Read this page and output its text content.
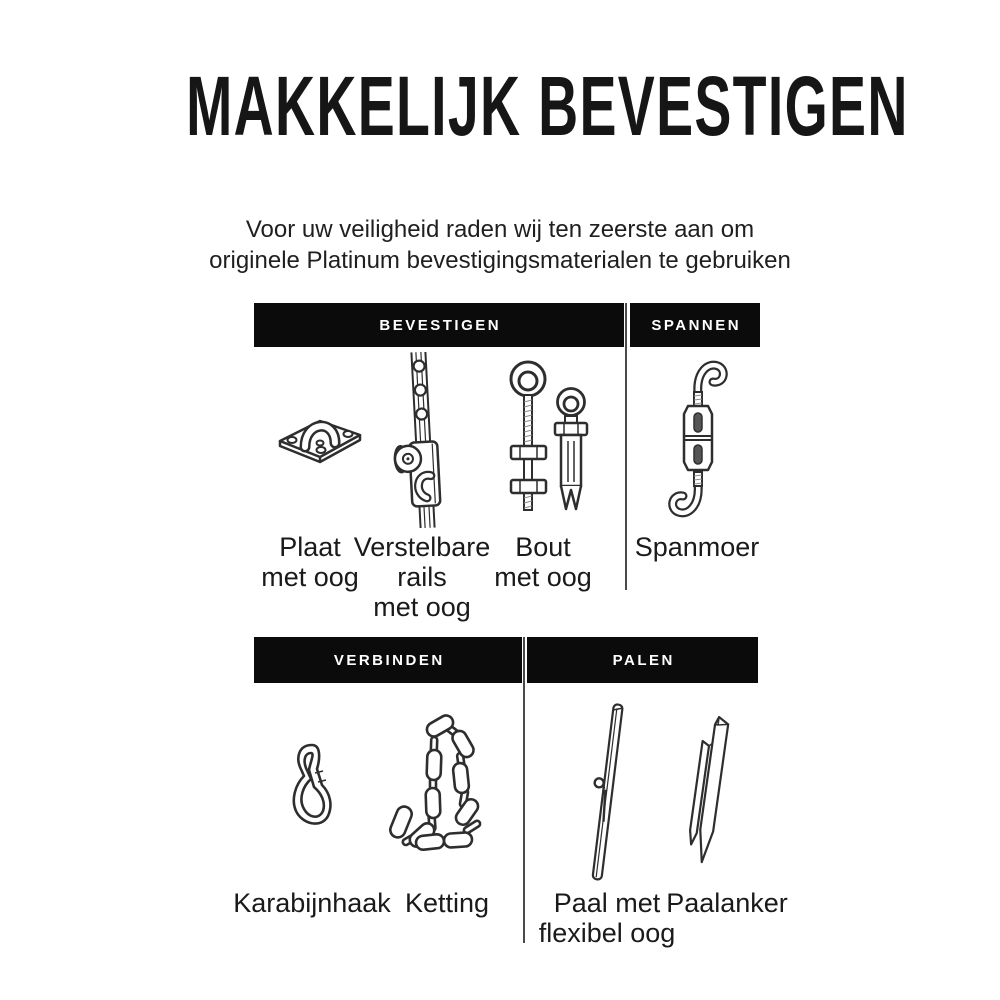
MAKKELIJK BEVESTIGEN
Voor uw veiligheid raden wij ten zeerste aan om
originele Platinum bevestigingsmaterialen te gebruiken
BEVESTIGEN	SPANNEN
VERBINDEN	PALEN
Plaat
met oog
Verstelbare
rails
met oog
Bout
met oog
Spanmoer
Karabijnhaak Ketting	Paal met
flexibel oog
Paalanker
